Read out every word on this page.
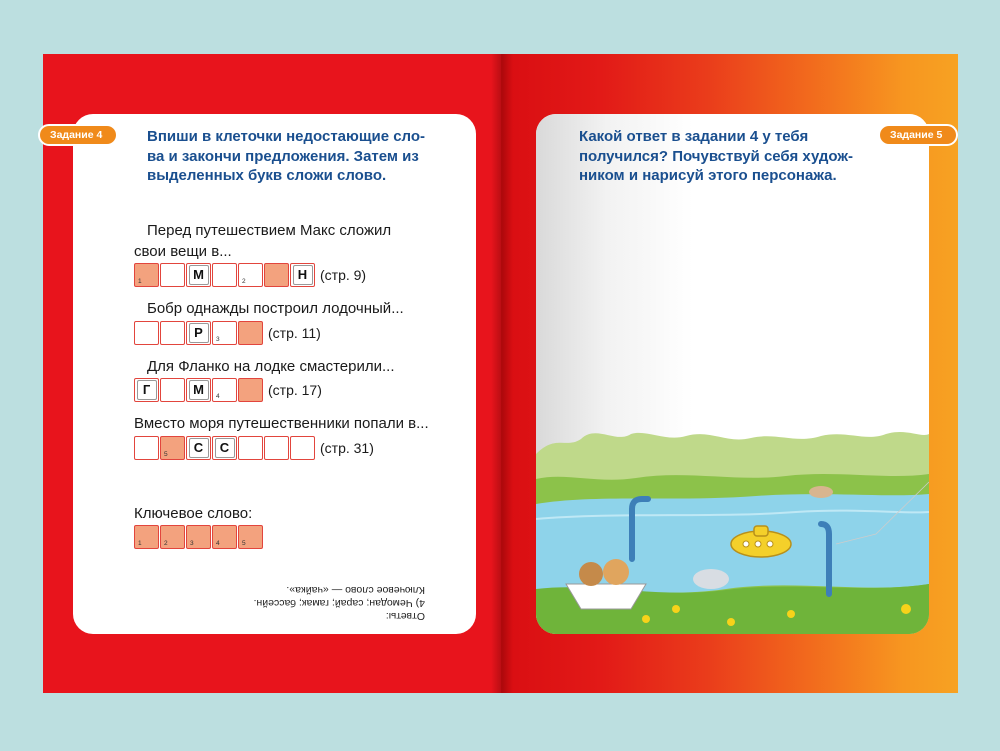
Задание 4	Задание 5
Впиши в клеточки недостающие сло-
ва и закончи предложения. Затем из
выделенных букв сложи слово.
Какой ответ в задании 4 у тебя
получился? Почувствуй себя худож-
ником и нарисуй этого персонажа.
Перед путешествием Макс сложил
свои вещи в...
1	М	2	Н (стр. 9)
Бобр однажды построил лодочный...
Р	3	(стр. 11)
Для Фланко на лодке смастерили...
Г	М	4	(стр. 17)
Вместо моря путешественники попали в...
5	С	С	(стр. 31)
Ключевое слово:
1	2	3	4	5

Ответы:

4) Чемодан; сарай; гамак; бассейн.

Ключевое слово — «чайка».
